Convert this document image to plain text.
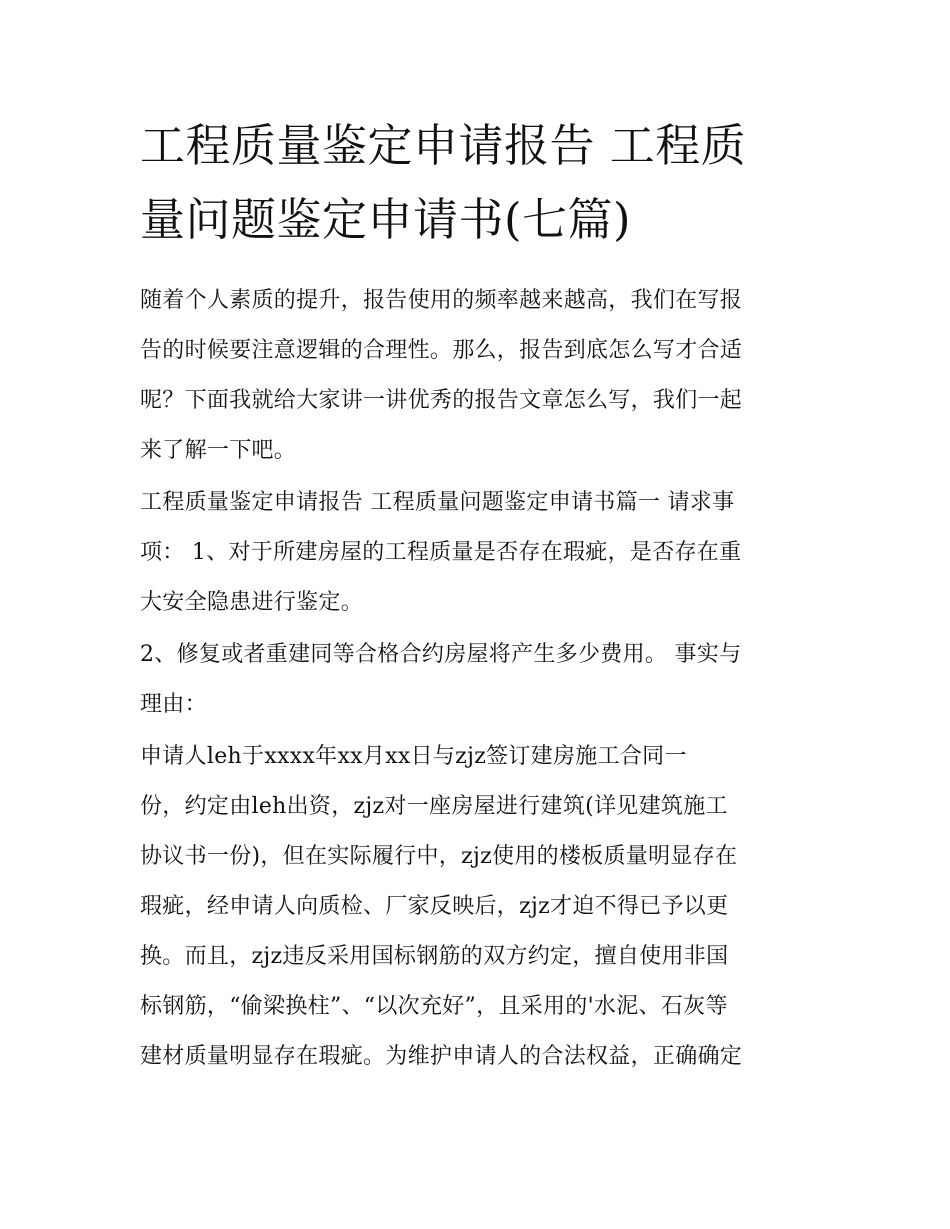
工程质量鉴定申请报告 工程质
量问题鉴定申请书(七篇)
随着个人素质的提升，报告使用的频率越来越高，我们在写报
告的时候要注意逻辑的合理性。那么，报告到底怎么写才合适
呢？下面我就给大家讲一讲优秀的报告文章怎么写，我们一起
来了解一下吧。
工程质量鉴定申请报告 工程质量问题鉴定申请书篇一 请求事
项： 1、对于所建房屋的工程质量是否存在瑕疵，是否存在重
大安全隐患进行鉴定。
2、修复或者重建同等合格合约房屋将产生多少费用。 事实与
理由：
申请人leh于xxxx年xx月xx日与zjz签订建房施工合同一
份，约定由leh出资，zjz对一座房屋进行建筑(详见建筑施工
协议书一份)，但在实际履行中，zjz使用的楼板质量明显存在
瑕疵，经申请人向质检、厂家反映后，zjz才迫不得已予以更
换。而且，zjz违反采用国标钢筋的双方约定，擅自使用非国
标钢筋，“偷梁换柱”、“以次充好”，且采用的'水泥、石灰等
建材质量明显存在瑕疵。为维护申请人的合法权益，正确确定
